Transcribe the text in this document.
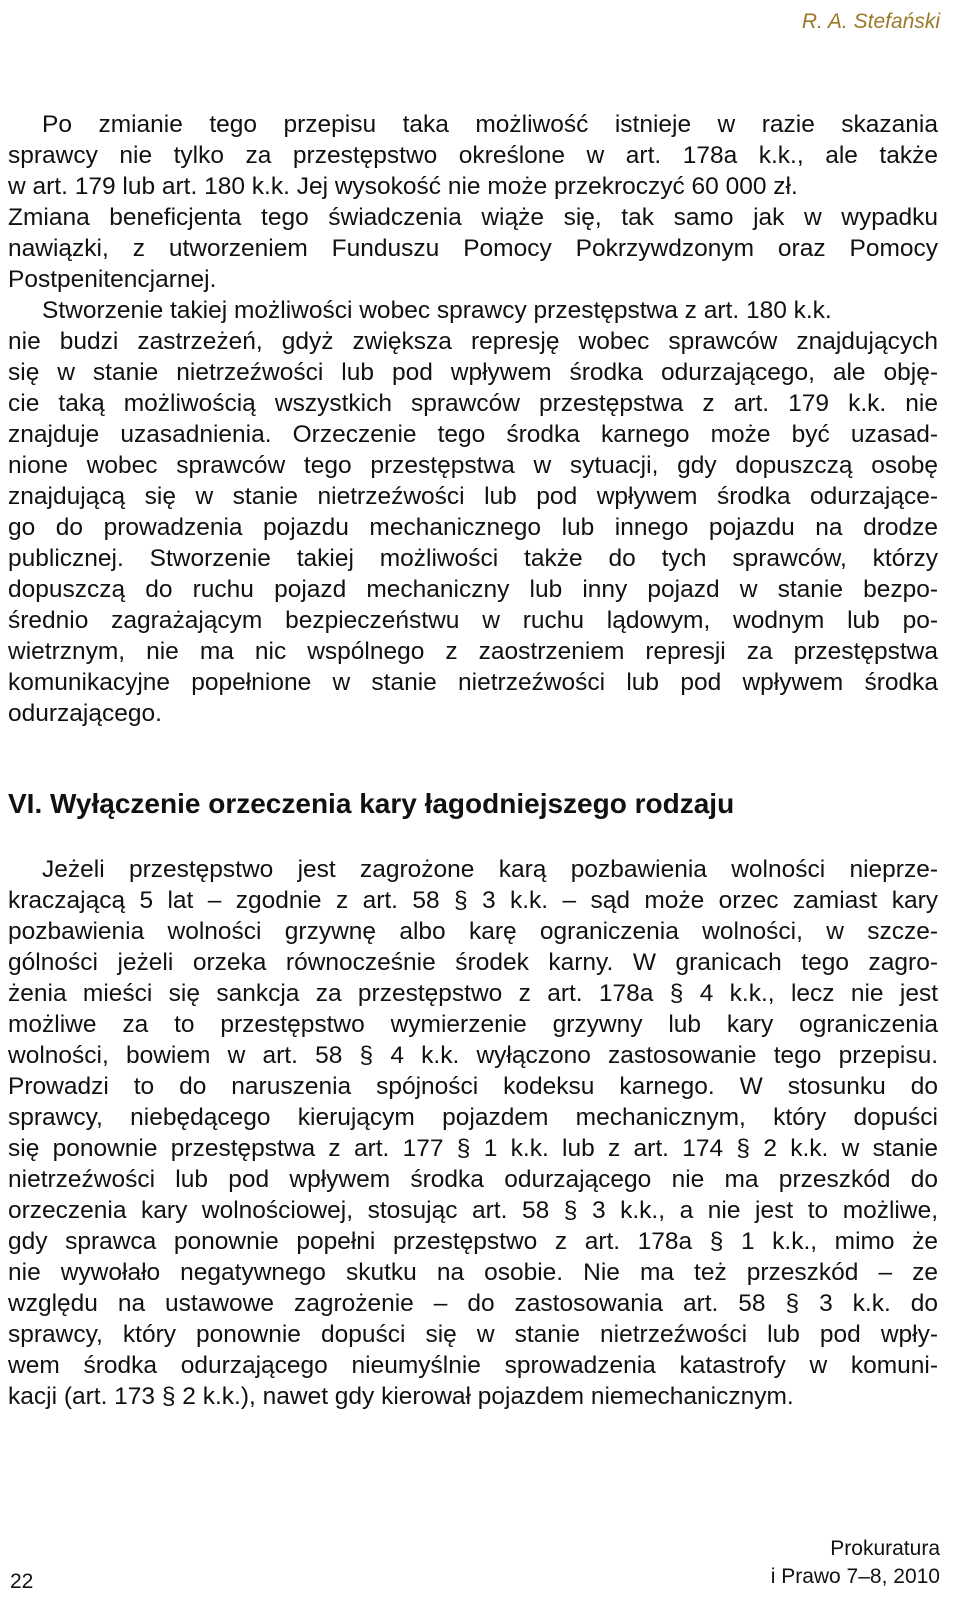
R. A. Stefański
Po zmianie tego przepisu taka możliwość istnieje w razie skazania
sprawcy nie tylko za przestępstwo określone w art. 178a k.k., ale także
w art. 179 lub art. 180 k.k. Jej wysokość nie może przekroczyć 60 000 zł.
Zmiana beneficjenta tego świadczenia wiąże się, tak samo jak w wypadku
nawiązki, z utworzeniem Funduszu Pomocy Pokrzywdzonym oraz Pomocy
Postpenitencjarnej.
Stworzenie takiej możliwości wobec sprawcy przestępstwa z art. 180 k.k.
nie budzi zastrzeżeń, gdyż zwiększa represję wobec sprawców znajdujących
się w stanie nietrzeźwości lub pod wpływem środka odurzającego, ale obję-
cie taką możliwością wszystkich sprawców przestępstwa z art. 179 k.k. nie
znajduje uzasadnienia. Orzeczenie tego środka karnego może być uzasad-
nione wobec sprawców tego przestępstwa w sytuacji, gdy dopuszczą osobę
znajdującą się w stanie nietrzeźwości lub pod wpływem środka odurzające-
go do prowadzenia pojazdu mechanicznego lub innego pojazdu na drodze
publicznej. Stworzenie takiej możliwości także do tych sprawców, którzy
dopuszczą do ruchu pojazd mechaniczny lub inny pojazd w stanie bezpo-
średnio zagrażającym bezpieczeństwu w ruchu lądowym, wodnym lub po-
wietrznym, nie ma nic wspólnego z zaostrzeniem represji za przestępstwa
komunikacyjne popełnione w stanie nietrzeźwości lub pod wpływem środka
odurzającego.
VI. Wyłączenie orzeczenia kary łagodniejszego rodzaju
Jeżeli przestępstwo jest zagrożone karą pozbawienia wolności nieprze-
kraczającą 5 lat – zgodnie z art. 58 § 3 k.k. – sąd może orzec zamiast kary
pozbawienia wolności grzywnę albo karę ograniczenia wolności, w szcze-
gólności jeżeli orzeka równocześnie środek karny. W granicach tego zagro-
żenia mieści się sankcja za przestępstwo z art. 178a § 4 k.k., lecz nie jest
możliwe za to przestępstwo wymierzenie grzywny lub kary ograniczenia
wolności, bowiem w art. 58 § 4 k.k. wyłączono zastosowanie tego przepisu.
Prowadzi to do naruszenia spójności kodeksu karnego. W stosunku do
sprawcy, niebędącego kierującym pojazdem mechanicznym, który dopuści
się ponownie przestępstwa z art. 177 § 1 k.k. lub z art. 174 § 2 k.k. w stanie
nietrzeźwości lub pod wpływem środka odurzającego nie ma przeszkód do
orzeczenia kary wolnościowej, stosując art. 58 § 3 k.k., a nie jest to możliwe,
gdy sprawca ponownie popełni przestępstwo z art. 178a § 1 k.k., mimo że
nie wywołało negatywnego skutku na osobie. Nie ma też przeszkód – ze
względu na ustawowe zagrożenie – do zastosowania art. 58 § 3 k.k. do
sprawcy, który ponownie dopuści się w stanie nietrzeźwości lub pod wpły-
wem środka odurzającego nieumyślnie sprowadzenia katastrofy w komuni-
kacji (art. 173 § 2 k.k.), nawet gdy kierował pojazdem niemechanicznym.
22
Prokuratura
i Prawo 7–8, 2010
